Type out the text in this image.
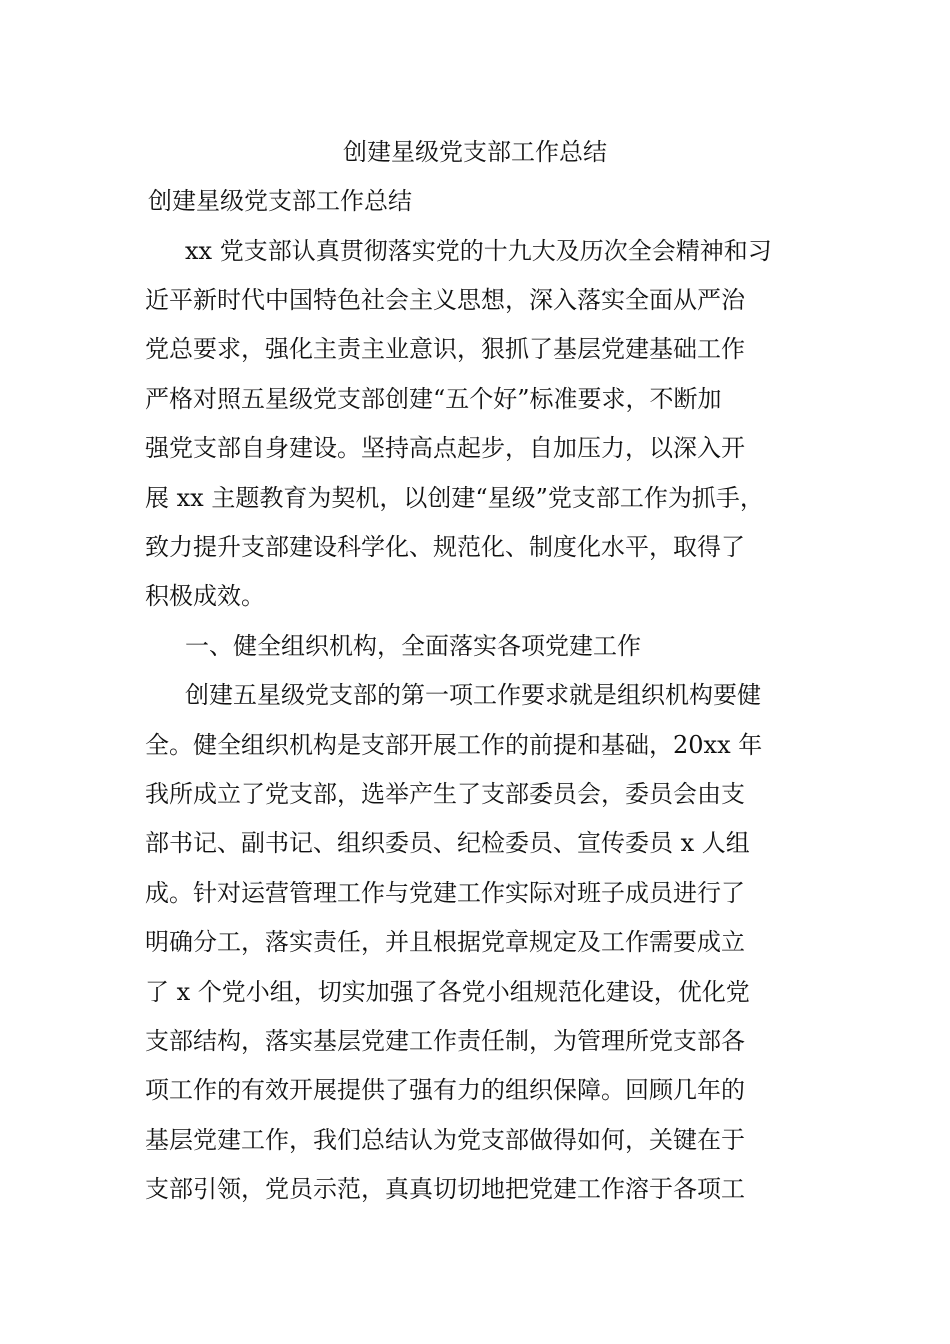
创建星级党支部工作总结
创建星级党支部工作总结

xx 党支部认真贯彻落实党的十九大及历次全会精神和习

近平新时代中国特色社会主义思想，深入落实全面从严治

党总要求，强化主责主业意识，狠抓了基层党建基础工作

严格对照五星级党支部创建“五个好”标准要求，不断加

强党支部自身建设。坚持高点起步，自加压力，以深入开

展 xx 主题教育为契机，以创建“星级”党支部工作为抓手，

致力提升支部建设科学化、规范化、制度化水平，取得了

积极成效。

一、健全组织机构，全面落实各项党建工作

创建五星级党支部的第一项工作要求就是组织机构要健

全。健全组织机构是支部开展工作的前提和基础，20xx 年

我所成立了党支部，选举产生了支部委员会，委员会由支

部书记、副书记、组织委员、纪检委员、宣传委员 x 人组

成。针对运营管理工作与党建工作实际对班子成员进行了

明确分工，落实责任，并且根据党章规定及工作需要成立

了 x 个党小组，切实加强了各党小组规范化建设，优化党

支部结构，落实基层党建工作责任制，为管理所党支部各

项工作的有效开展提供了强有力的组织保障。回顾几年的

基层党建工作，我们总结认为党支部做得如何，关键在于

支部引领，党员示范，真真切切地把党建工作溶于各项工
